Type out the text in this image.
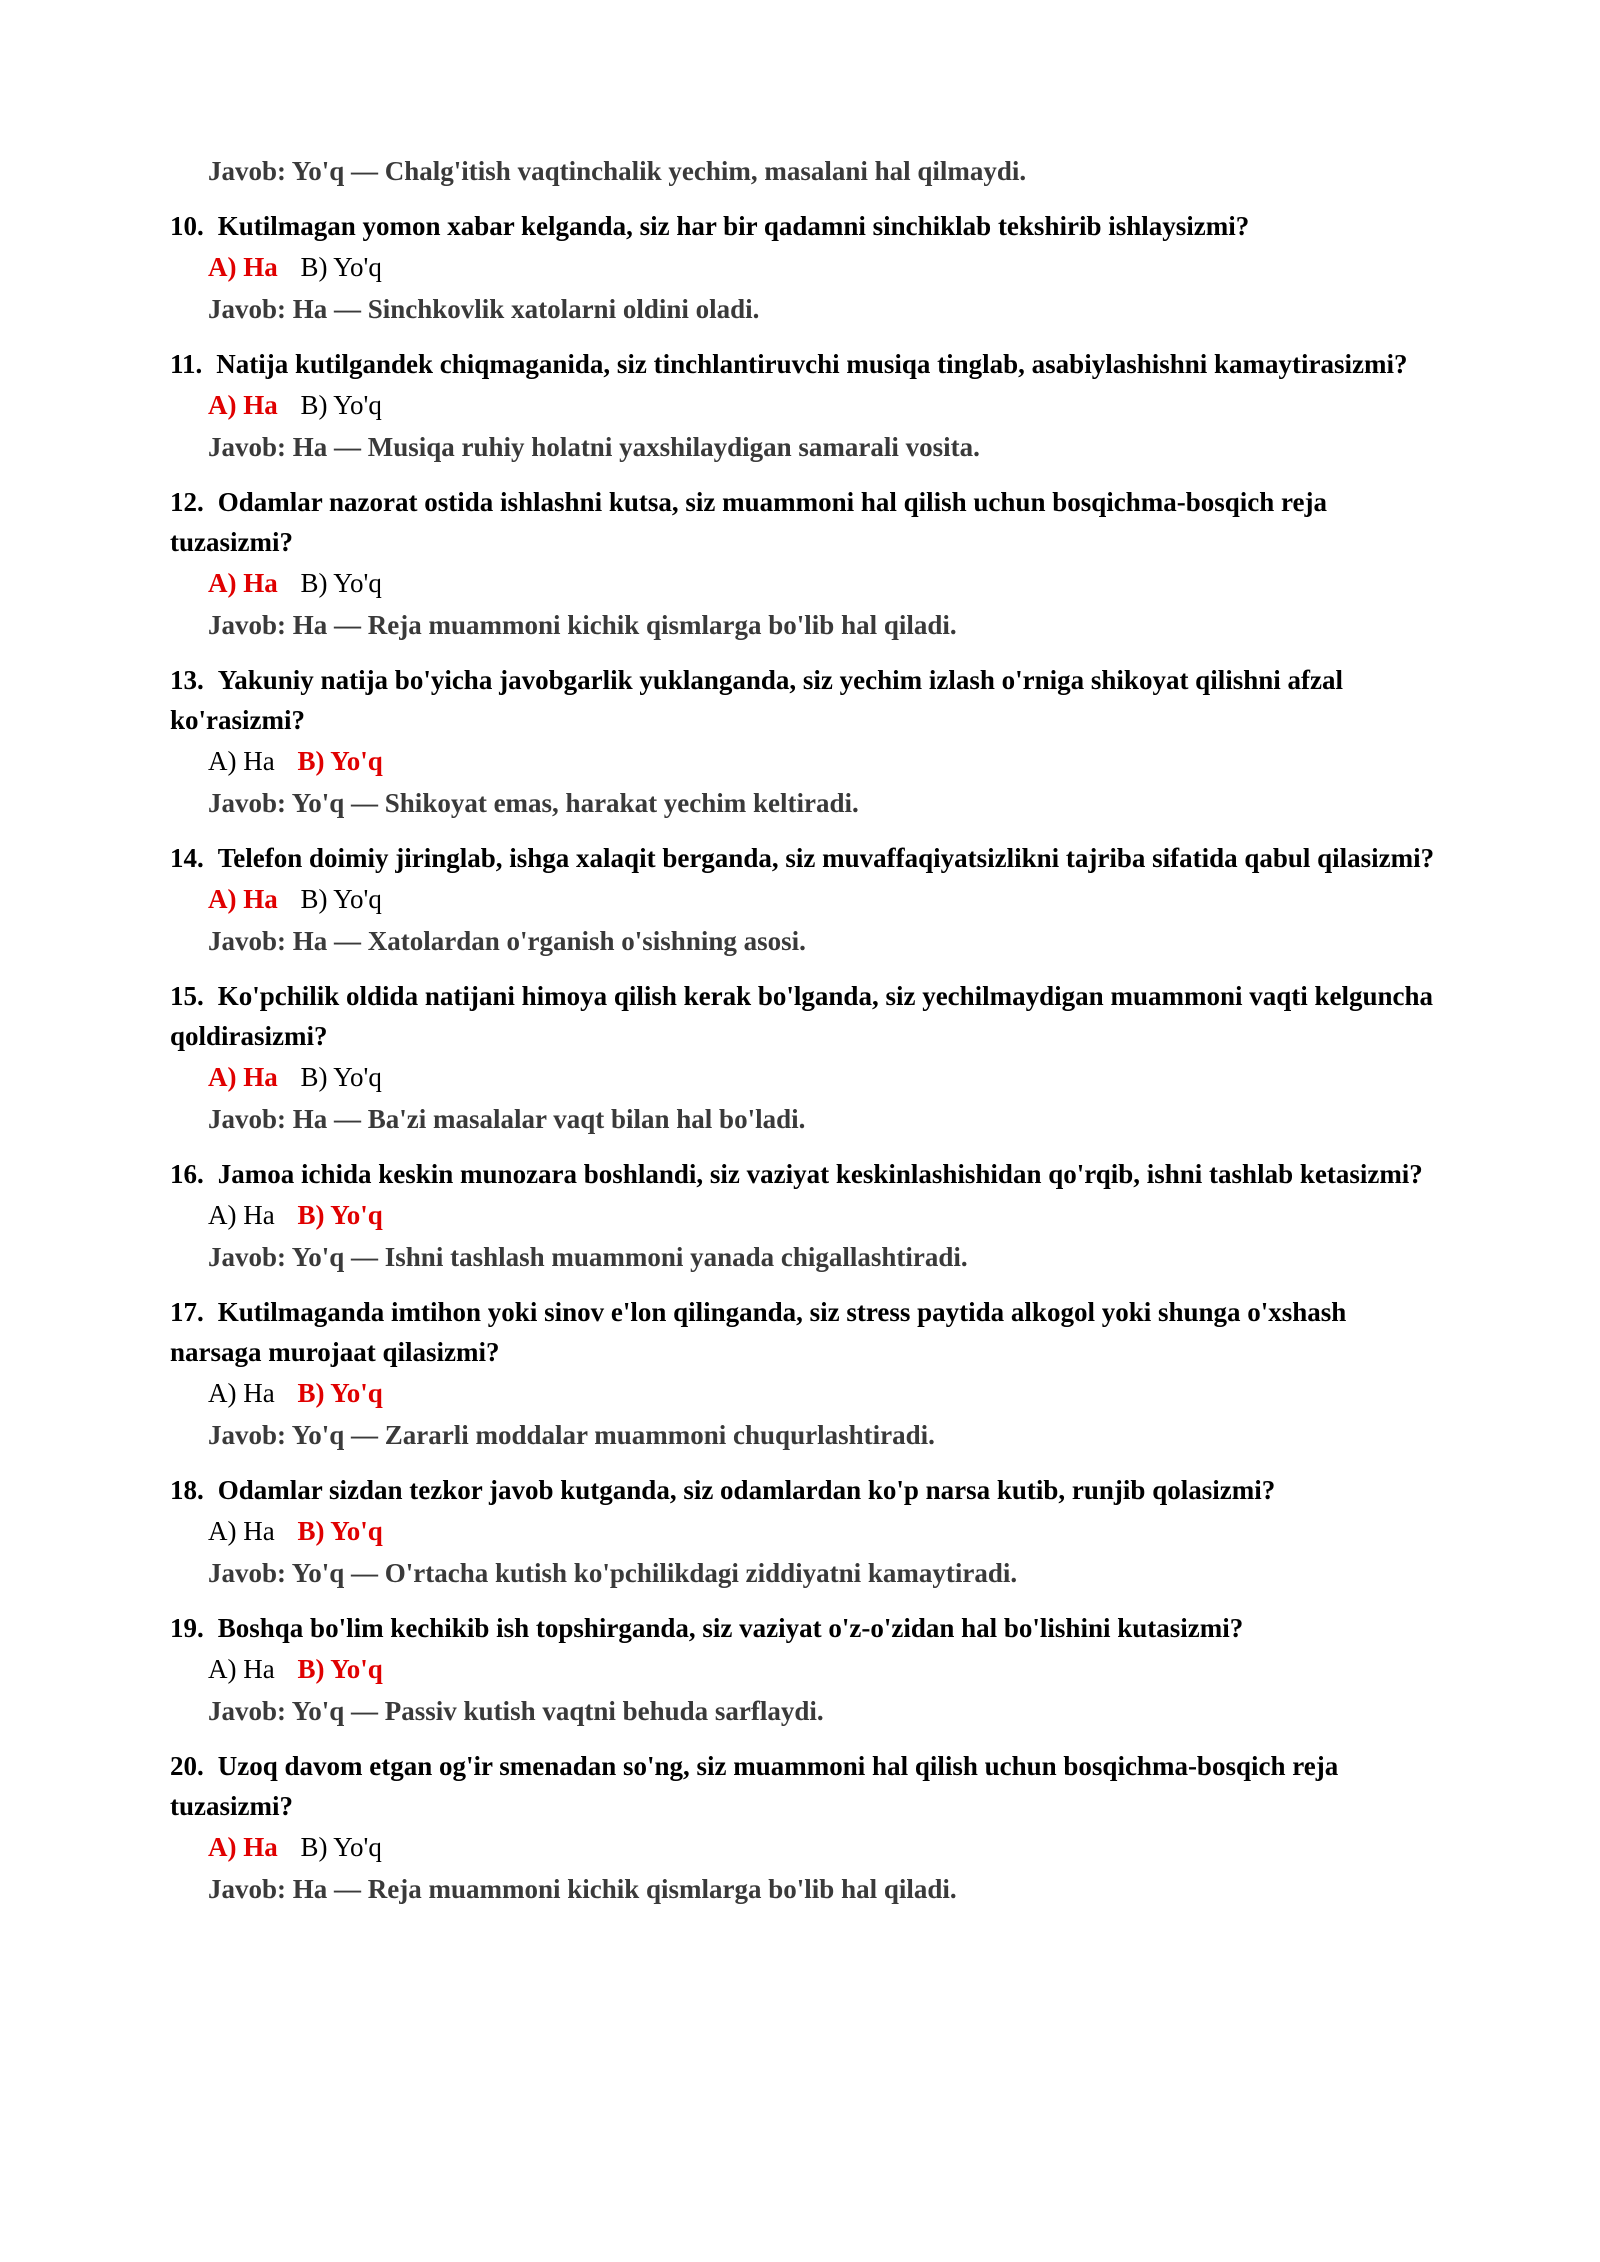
Javob: Yo'q — Chalg'itish vaqtinchalik yechim, masalani hal qilmaydi.
10. Kutilmagan yomon xabar kelganda, siz har bir qadamni sinchiklab tekshirib ishlaysizmi?
A) Ha B) Yo'q
Javob: Ha — Sinchkovlik xatolarni oldini oladi.
11. Natija kutilgandek chiqmaganida, siz tinchlantiruvchi musiqa tinglab, asabiylashishni kamaytirasizmi?
A) Ha B) Yo'q
Javob: Ha — Musiqa ruhiy holatni yaxshilaydigan samarali vosita.
12. Odamlar nazorat ostida ishlashni kutsa, siz muammoni hal qilish uchun bosqichma-bosqich reja tuzasizmi?
A) Ha B) Yo'q
Javob: Ha — Reja muammoni kichik qismlarga bo'lib hal qiladi.
13. Yakuniy natija bo'yicha javobgarlik yuklanganda, siz yechim izlash o'rniga shikoyat qilishni afzal ko'rasizmi?
A) Ha B) Yo'q
Javob: Yo'q — Shikoyat emas, harakat yechim keltiradi.
14. Telefon doimiy jiringlab, ishga xalaqit berganda, siz muvaffaqiyatsizlikni tajriba sifatida qabul qilasizmi?
A) Ha B) Yo'q
Javob: Ha — Xatolardan o'rganish o'sishning asosi.
15. Ko'pchilik oldida natijani himoya qilish kerak bo'lganda, siz yechilmaydigan muammoni vaqti kelguncha qoldirasizmi?
A) Ha B) Yo'q
Javob: Ha — Ba'zi masalalar vaqt bilan hal bo'ladi.
16. Jamoa ichida keskin munozara boshlandi, siz vaziyat keskinlashishidan qo'rqib, ishni tashlab ketasizmi?
A) Ha B) Yo'q
Javob: Yo'q — Ishni tashlash muammoni yanada chigallashtiradi.
17. Kutilmaganda imtihon yoki sinov e'lon qilinganda, siz stress paytida alkogol yoki shunga o'xshash narsaga murojaat qilasizmi?
A) Ha B) Yo'q
Javob: Yo'q — Zararli moddalar muammoni chuqurlashtiradi.
18. Odamlar sizdan tezkor javob kutganda, siz odamlardan ko'p narsa kutib, runjib qolasizmi?
A) Ha B) Yo'q
Javob: Yo'q — O'rtacha kutish ko'pchilikdagi ziddiyatni kamaytiradi.
19. Boshqa bo'lim kechikib ish topshirganda, siz vaziyat o'z-o'zidan hal bo'lishini kutasizmi?
A) Ha B) Yo'q
Javob: Yo'q — Passiv kutish vaqtni behuda sarflaydi.
20. Uzoq davom etgan og'ir smenadan so'ng, siz muammoni hal qilish uchun bosqichma-bosqich reja tuzasizmi?
A) Ha B) Yo'q
Javob: Ha — Reja muammoni kichik qismlarga bo'lib hal qiladi.
